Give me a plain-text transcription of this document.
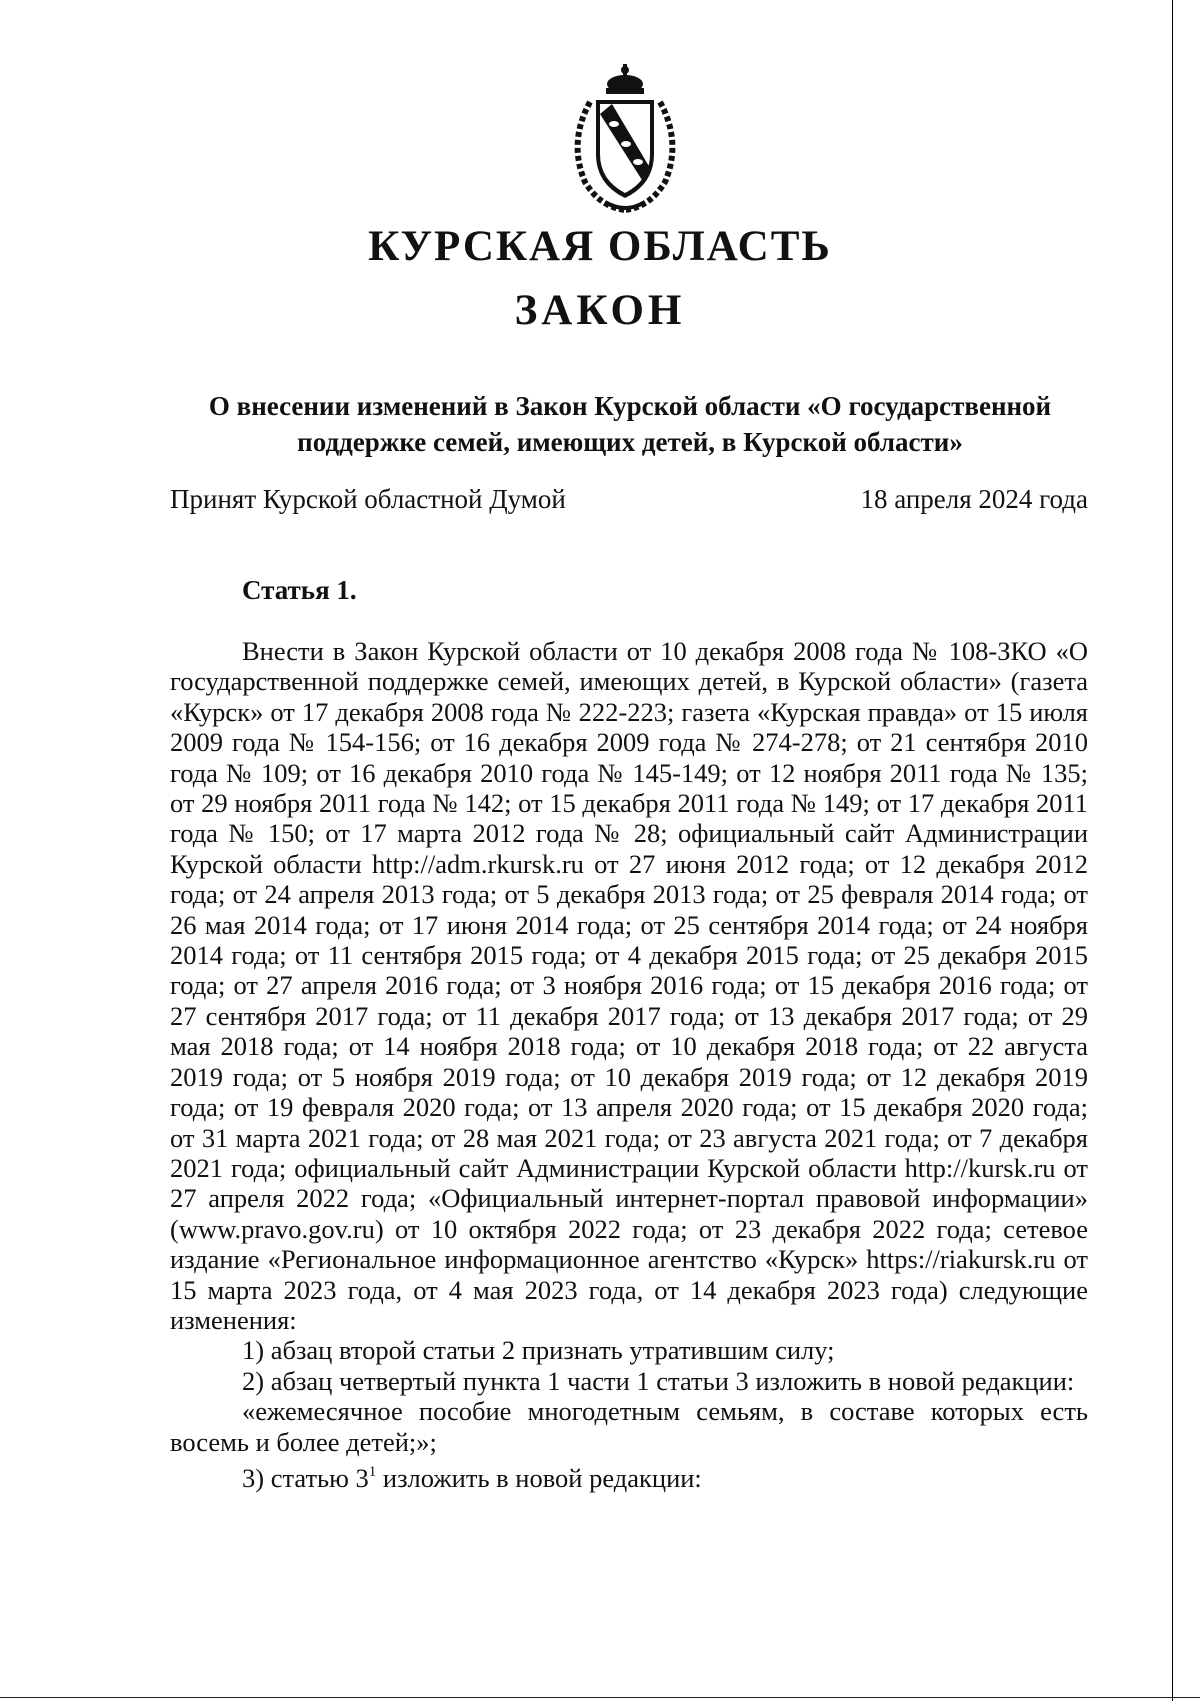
КУРСКАЯ ОБЛАСТЬ
ЗАКОН
О внесении изменений в Закон Курской области «О государственной
поддержке семей, имеющих детей, в Курской области»
Принят Курской областной Думой	18 апреля 2024 года
Статья 1.

Внести в Закон Курской области от 10 декабря 2008 года № 108-ЗКО «О государственной поддержке семей, имеющих детей, в Курской области» (газета «Курск» от 17 декабря 2008 года № 222-223; газета «Курская правда» от 15 июля 2009 года № 154-156; от 16 декабря 2009 года № 274-278; от 21 сентября 2010 года № 109; от 16 декабря 2010 года № 145-149; от 12 ноября 2011 года № 135; от 29 ноября 2011 года № 142; от 15 декабря 2011 года № 149; от 17 декабря 2011 года № 150; от 17 марта 2012 года № 28; официальный сайт Администрации Курской области http://adm.rkursk.ru от 27 июня 2012 года; от 12 декабря 2012 года; от 24 апреля 2013 года; от 5 декабря 2013 года; от 25 февраля 2014 года; от 26 мая 2014 года; от 17 июня 2014 года; от 25 сентября 2014 года; от 24 ноября 2014 года; от 11 сентября 2015 года; от 4 декабря 2015 года; от 25 декабря 2015 года; от 27 апреля 2016 года; от 3 ноября 2016 года; от 15 декабря 2016 года; от 27 сентября 2017 года; от 11 декабря 2017 года; от 13 декабря 2017 года; от 29 мая 2018 года; от 14 ноября 2018 года; от 10 декабря 2018 года; от 22 августа 2019 года; от 5 ноября 2019 года; от 10 декабря 2019 года; от 12 декабря 2019 года; от 19 февраля 2020 года; от 13 апреля 2020 года; от 15 декабря 2020 года; от 31 марта 2021 года; от 28 мая 2021 года; от 23 августа 2021 года; от 7 декабря 2021 года; официальный сайт Администрации Курской области http://kursk.ru от 27 апреля 2022 года; «Официальный интернет-портал правовой информации» (www.pravo.gov.ru) от 10 октября 2022 года; от 23 декабря 2022 года; сетевое издание «Региональное информационное агентство «Курск» https://riakursk.ru от 15 марта 2023 года, от 4 мая 2023 года, от 14 декабря 2023 года) следующие изменения:

1) абзац второй статьи 2 признать утратившим силу;

2) абзац четвертый пункта 1 части 1 статьи 3 изложить в новой редакции:

«ежемесячное пособие многодетным семьям, в составе которых есть восемь и более детей;»;

3) статью $3^1$ изложить в новой редакции:
